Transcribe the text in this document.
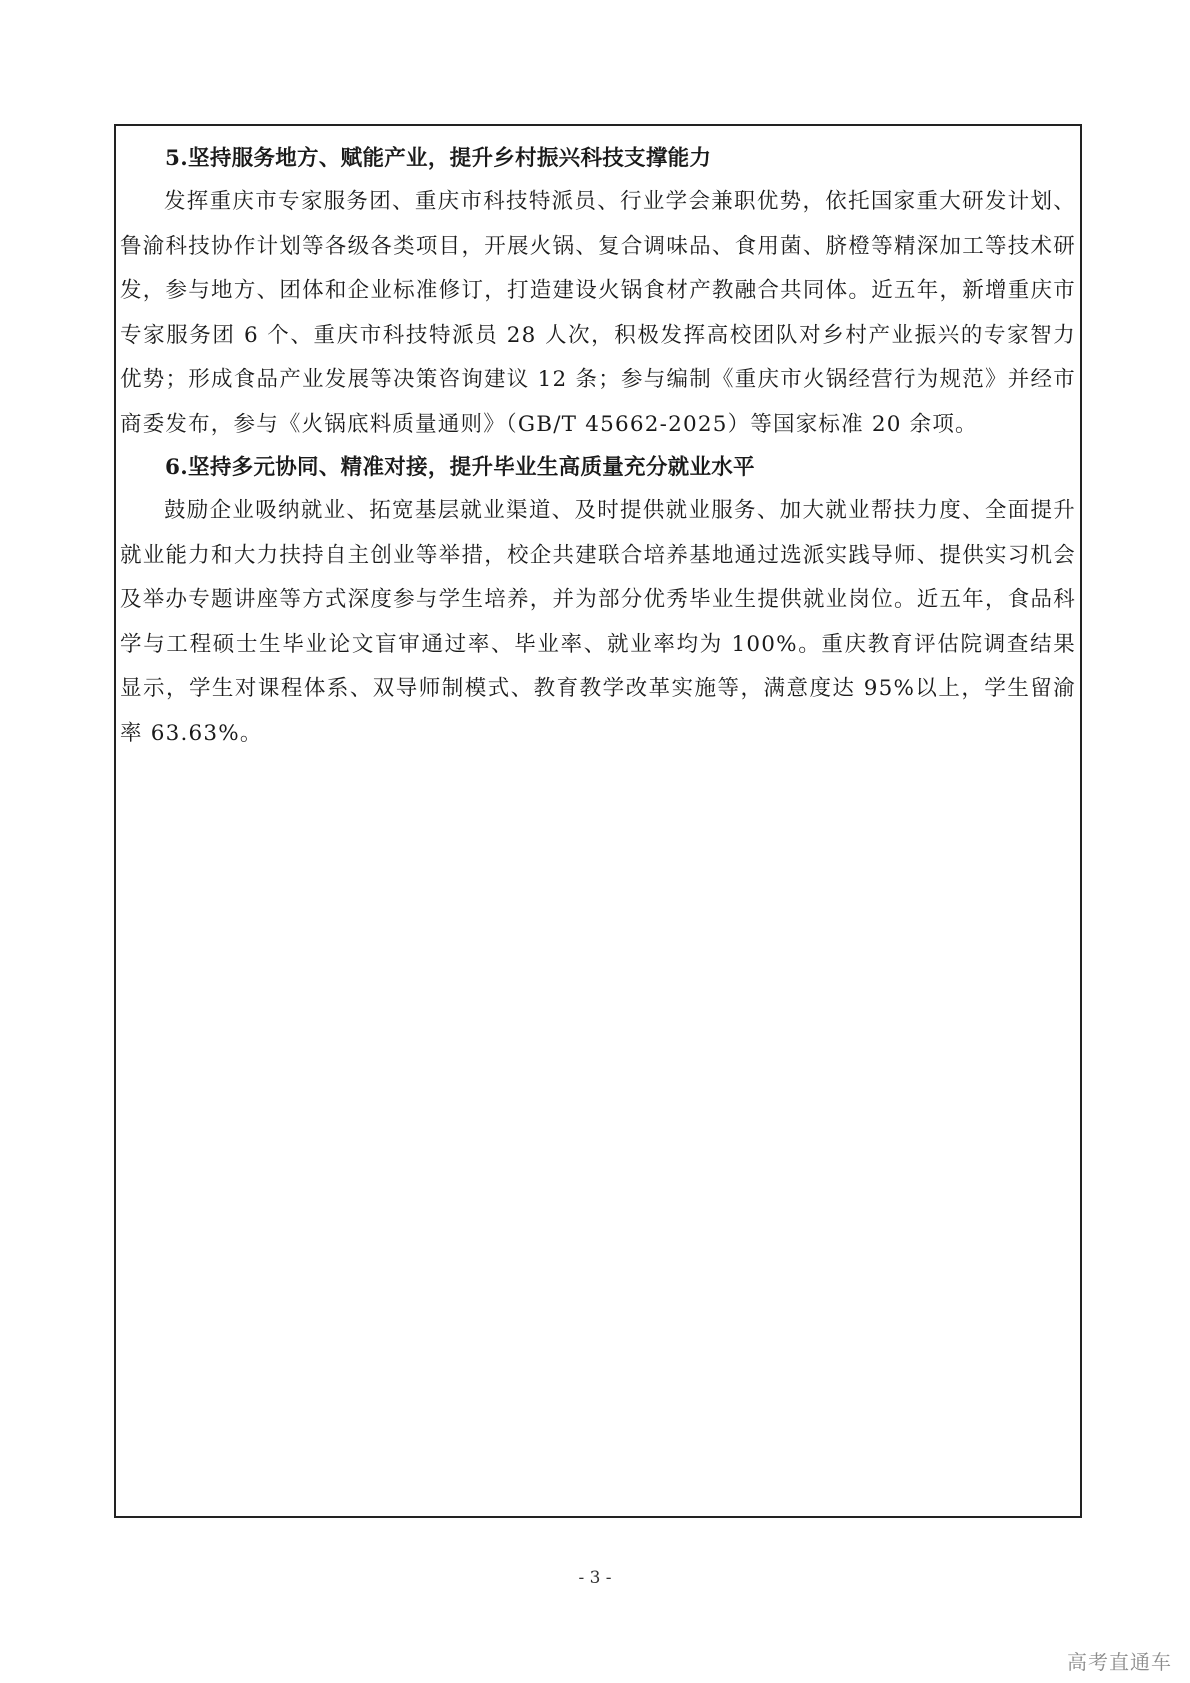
5.坚持服务地方、赋能产业，提升乡村振兴科技支撑能力

发挥重庆市专家服务团、重庆市科技特派员、行业学会兼职优势，依托国家重大研发计划、鲁渝科技协作计划等各级各类项目，开展火锅、复合调味品、食用菌、脐橙等精深加工等技术研发，参与地方、团体和企业标准修订，打造建设火锅食材产教融合共同体。近五年，新增重庆市专家服务团 6 个、重庆市科技特派员 28 人次，积极发挥高校团队对乡村产业振兴的专家智力优势；形成食品产业发展等决策咨询建议 12 条；参与编制《重庆市火锅经营行为规范》并经市商委发布，参与《火锅底料质量通则》（GB/T 45662-2025）等国家标准 20 余项。

6.坚持多元协同、精准对接，提升毕业生高质量充分就业水平

鼓励企业吸纳就业、拓宽基层就业渠道、及时提供就业服务、加大就业帮扶力度、全面提升就业能力和大力扶持自主创业等举措，校企共建联合培养基地通过选派实践导师、提供实习机会及举办专题讲座等方式深度参与学生培养，并为部分优秀毕业生提供就业岗位。近五年，食品科学与工程硕士生毕业论文盲审通过率、毕业率、就业率均为 100%。重庆教育评估院调查结果显示，学生对课程体系、双导师制模式、教育教学改革实施等，满意度达 95%以上，学生留渝率 63.63%。

- 3 -
高考直通车
